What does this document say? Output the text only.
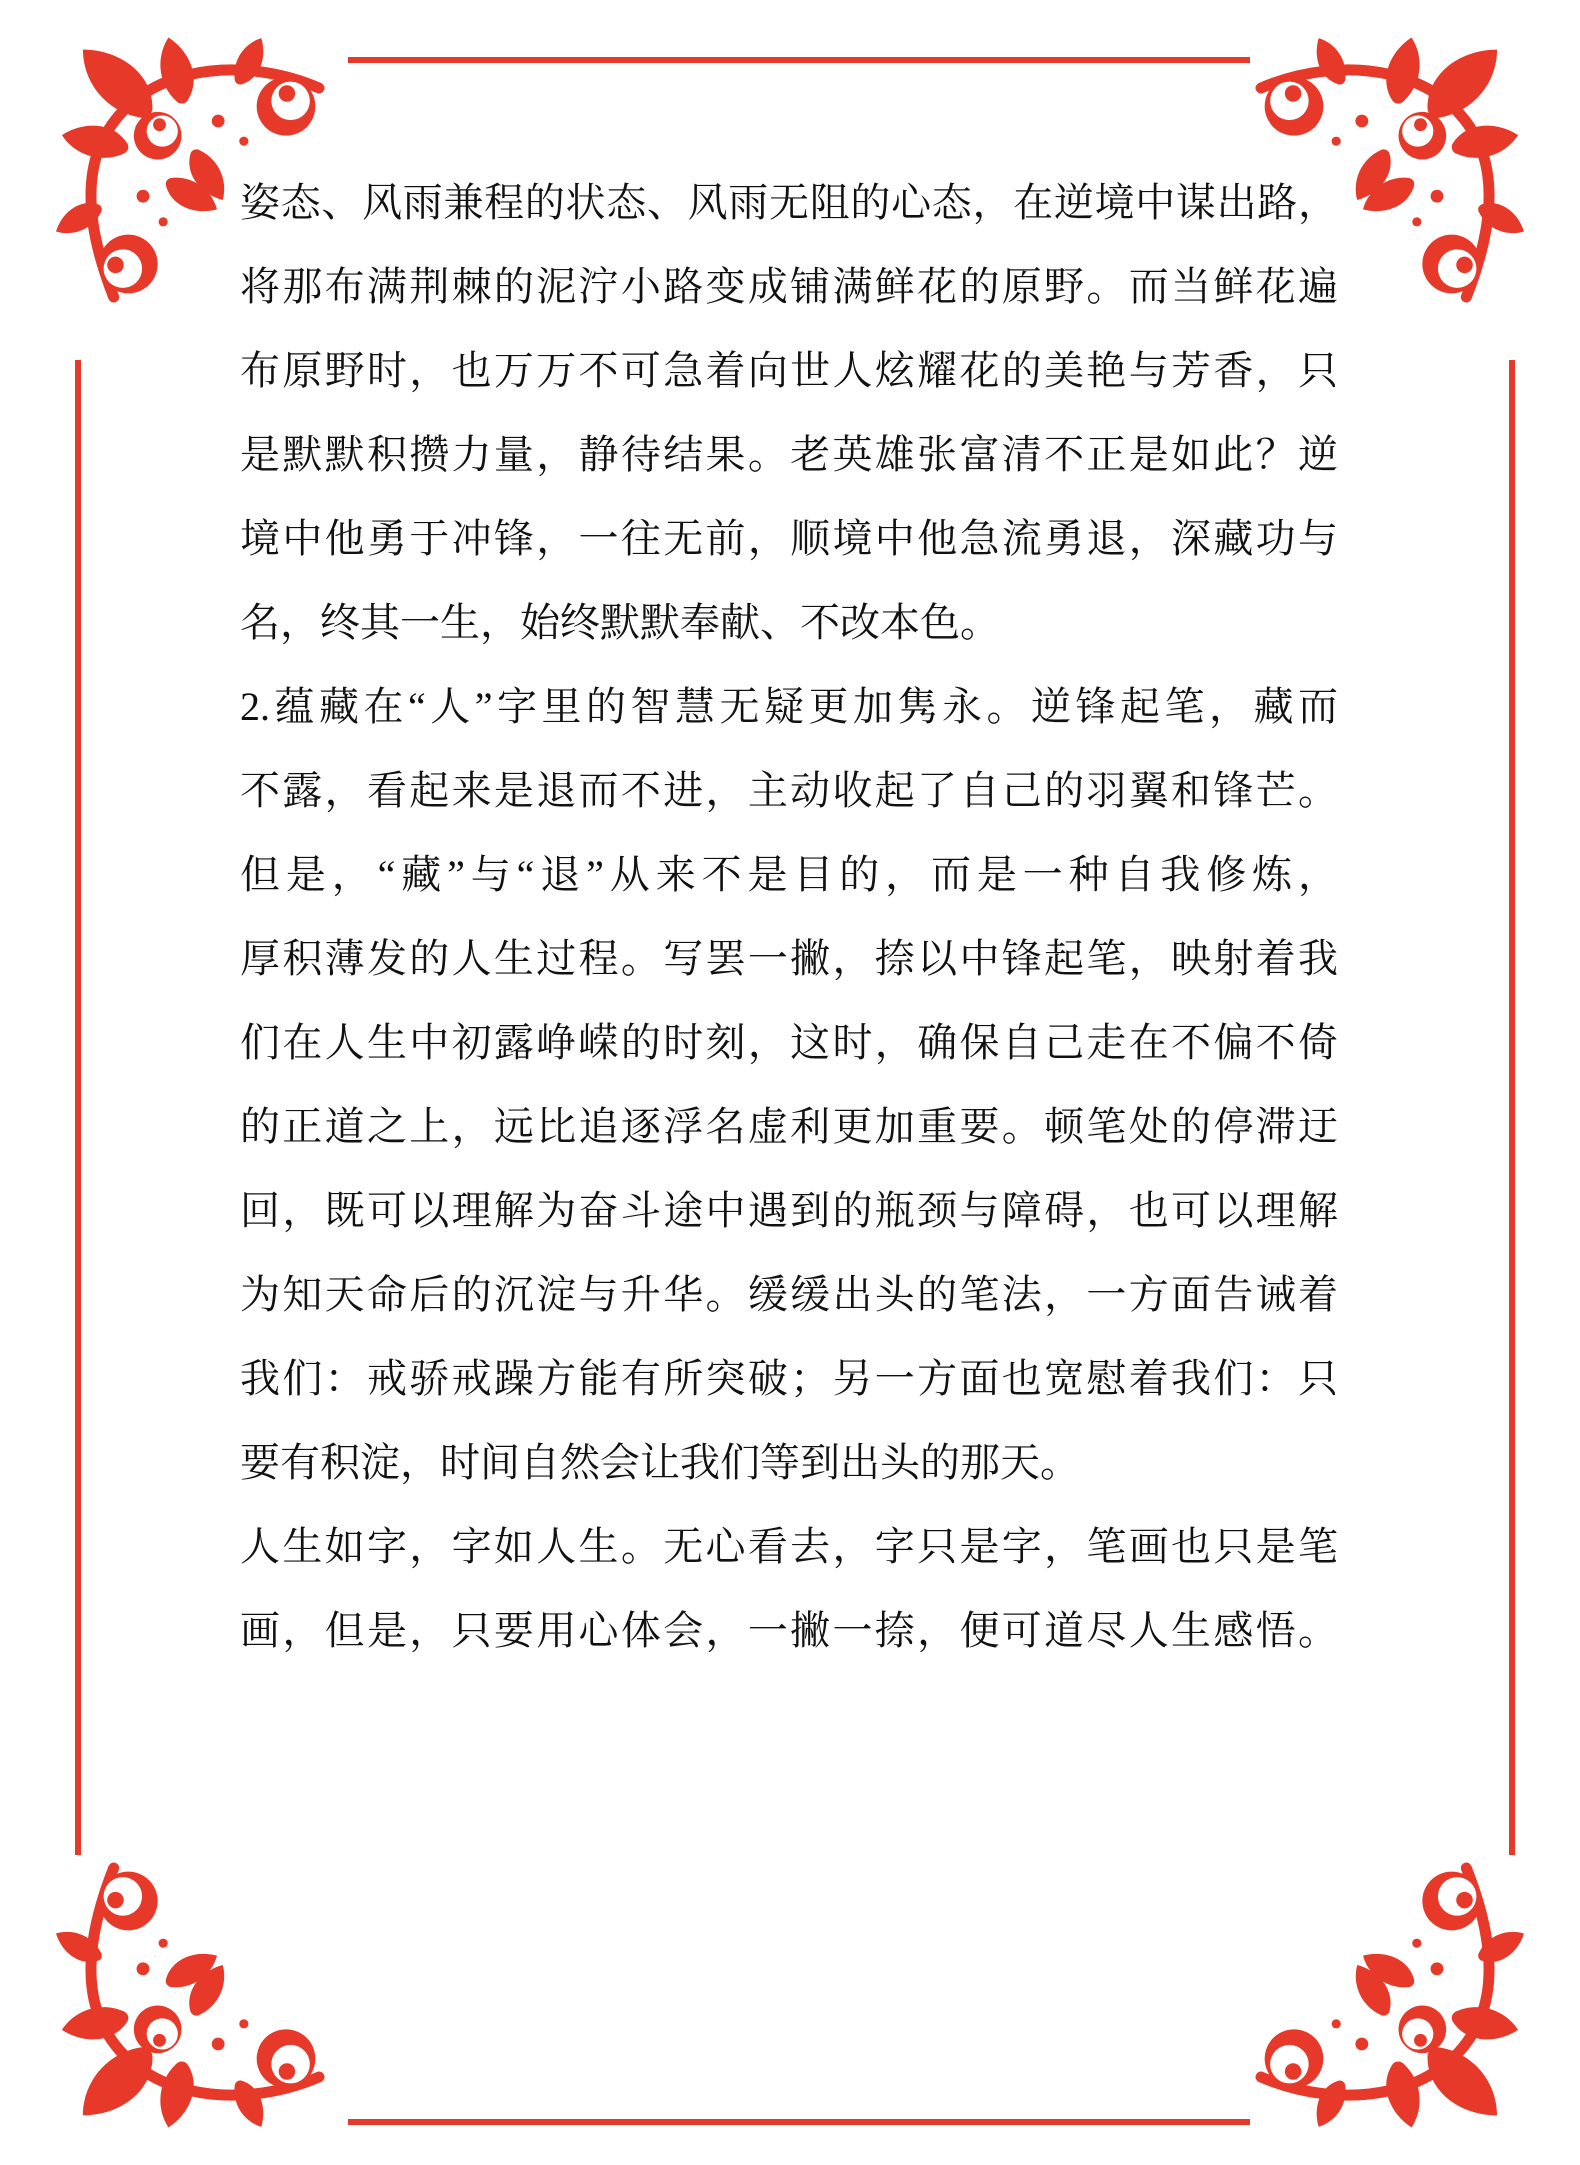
姿态、风雨兼程的状态、风雨无阻的心态，在逆境中谋出路，
将那布满荆棘的泥泞小路变成铺满鲜花的原野。而当鲜花遍
布原野时，也万万不可急着向世人炫耀花的美艳与芳香，只
是默默积攒力量，静待结果。老英雄张富清不正是如此？逆
境中他勇于冲锋，一往无前，顺境中他急流勇退，深藏功与
名，终其一生，始终默默奉献、不改本色。
2.蕴藏在“人”字里的智慧无疑更加隽永。逆锋起笔，藏而
不露，看起来是退而不进，主动收起了自己的羽翼和锋芒。
但是，“藏”与“退”从来不是目的，而是一种自我修炼，
厚积薄发的人生过程。写罢一撇，捺以中锋起笔，映射着我
们在人生中初露峥嵘的时刻，这时，确保自己走在不偏不倚
的正道之上，远比追逐浮名虚利更加重要。顿笔处的停滞迂
回，既可以理解为奋斗途中遇到的瓶颈与障碍，也可以理解
为知天命后的沉淀与升华。缓缓出头的笔法，一方面告诫着
我们：戒骄戒躁方能有所突破；另一方面也宽慰着我们：只
要有积淀，时间自然会让我们等到出头的那天。
人生如字，字如人生。无心看去，字只是字，笔画也只是笔
画，但是，只要用心体会，一撇一捺，便可道尽人生感悟。
